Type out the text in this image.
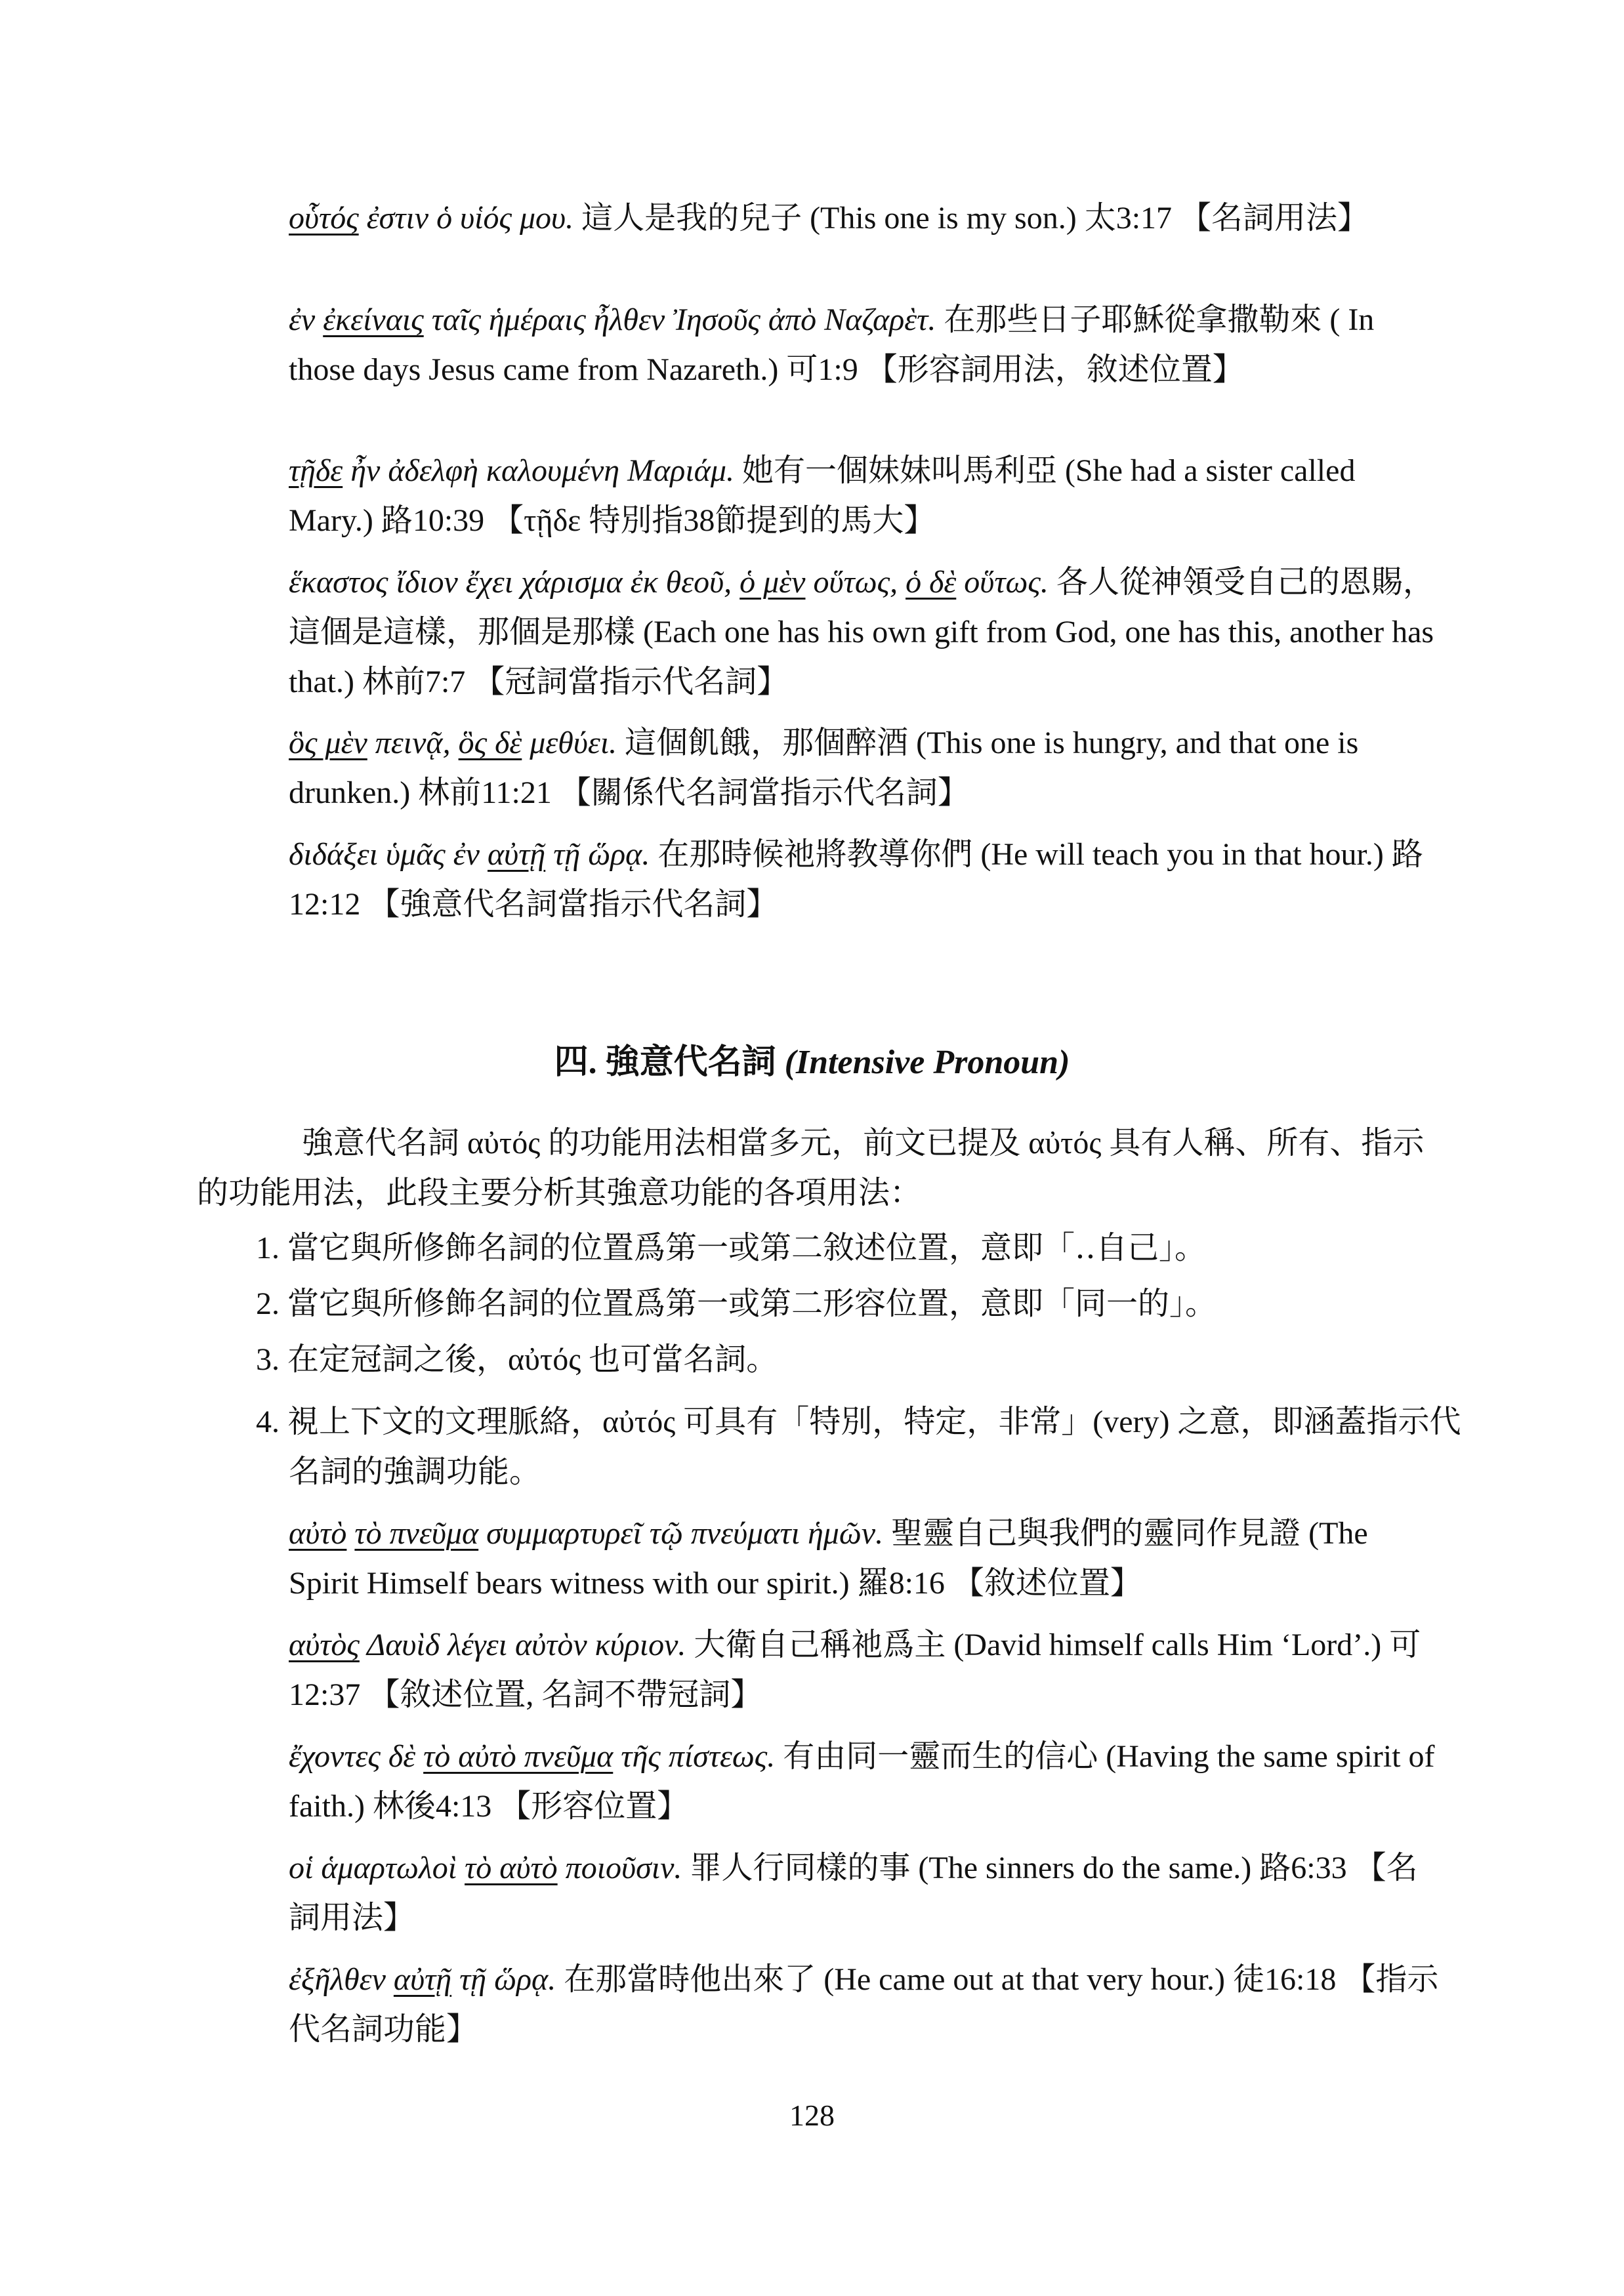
οὗτός ἐστιν ὁ υἱός μου. 這人是我的兒子 (This one is my son.) 太3:17 【名詞用法】

ἐν ἐκείναις ταῖς ἡμέραις ἦλθεν Ἰησοῦς ἀπὸ Ναζαρὲτ. 在那些日子耶穌從拿撒勒來 ( In those days Jesus came from Nazareth.) 可1:9 【形容詞用法，敘述位置】

τῇδε ἦν ἀδελφὴ καλουμένη Μαριάμ. 她有一個妹妹叫馬利亞 (She had a sister called Mary.) 路10:39 【τῇδε 特別指38節提到的馬大】

ἕκαστος ἴδιον ἔχει χάρισμα ἐκ θεοῦ, ὁ μὲν οὕτως, ὁ δὲ οὕτως. 各人從神領受自己的恩賜，這個是這樣，那個是那樣 (Each one has his own gift from God, one has this, another has that.) 林前7:7 【冠詞當指示代名詞】

ὃς μὲν πεινᾷ, ὃς δὲ μεθύει. 這個飢餓，那個醉酒 (This one is hungry, and that one is drunken.) 林前11:21 【關係代名詞當指示代名詞】

διδάξει ὑμᾶς ἐν αὐτῇ τῇ ὥρᾳ. 在那時候祂將教導你們 (He will teach you in that hour.) 路12:12 【強意代名詞當指示代名詞】

四. 強意代名詞 (Intensive Pronoun)

強意代名詞 αὐτός 的功能用法相當多元，前文已提及 αὐτός 具有人稱、所有、指示的功能用法，此段主要分析其強意功能的各項用法：

1. 當它與所修飾名詞的位置爲第一或第二敘述位置，意即「‥自己」。

2. 當它與所修飾名詞的位置爲第一或第二形容位置，意即「同一的」。

3. 在定冠詞之後，αὐτός 也可當名詞。

4. 視上下文的文理脈絡，αὐτός 可具有「特別，特定，非常」(very) 之意，即涵蓋指示代名詞的強調功能。

αὐτὸ τὸ πνεῦμα συμμαρτυρεῖ τῷ πνεύματι ἡμῶν. 聖靈自己與我們的靈同作見證 (The Spirit Himself bears witness with our spirit.) 羅8:16 【敘述位置】

αὐτὸς Δαυὶδ λέγει αὐτὸν κύριον. 大衛自己稱祂爲主 (David himself calls Him ‘Lord’.) 可12:37 【敘述位置, 名詞不帶冠詞】

ἔχοντες δὲ τὸ αὐτὸ πνεῦμα τῆς πίστεως. 有由同一靈而生的信心 (Having the same spirit of faith.) 林後4:13 【形容位置】

οἱ ἁμαρτωλοὶ τὸ αὐτὸ ποιοῦσιν. 罪人行同樣的事 (The sinners do the same.) 路6:33 【名詞用法】

ἐξῆλθεν αὐτῇ τῇ ὥρᾳ. 在那當時他出來了 (He came out at that very hour.) 徒16:18 【指示代名詞功能】

128
